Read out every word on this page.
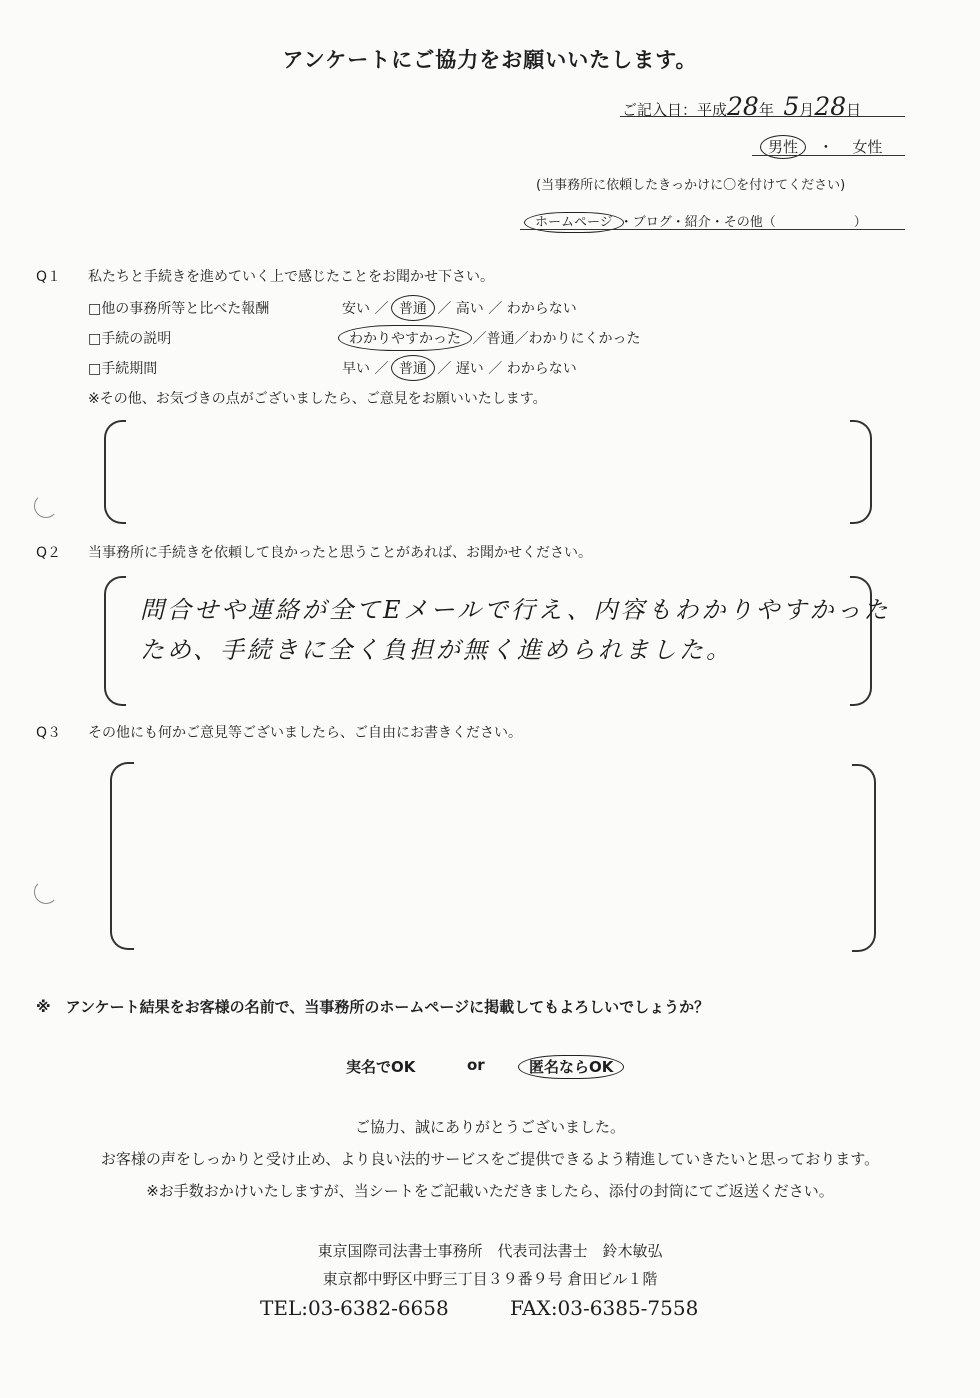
アンケートにご協力をお願いいたします。
ご記入日：平成28年 5月28日
男性 ・ 女性
(当事務所に依頼したきっかけに〇を付けてください)
ホームページ ・ブログ・紹介・その他（　　　　　　）
Q１ 私たちと手続きを進めていく上で感じたことをお聞かせ下さい。
□他の事務所等と比べた報酬	安い ／ 普通 ／ 高い ／ わからない
□手続の説明	わかりやすかった ／普通／わかりにくかった
□手続期間	早い ／ 普通 ／ 遅い ／ わからない
※その他、お気づきの点がございましたら、ご意見をお願いいたします。
Q２ 当事務所に手続きを依頼して良かったと思うことがあれば、お聞かせください。
問合せや連絡が全てEメールで行え、内容もわかりやすかった
ため、手続きに全く負担が無く進められました。
Q３ その他にも何かご意見等ございましたら、ご自由にお書きください。
※　アンケート結果をお客様の名前で、当事務所のホームページに掲載してもよろしいでしょうか？
実名でOK	or	匿名ならOK
ご協力、誠にありがとうございました。
お客様の声をしっかりと受け止め、より良い法的サービスをご提供できるよう精進していきたいと思っております。
※お手数おかけいたしますが、当シートをご記載いただきましたら、添付の封筒にてご返送ください。
東京国際司法書士事務所　代表司法書士　鈴木敏弘
東京都中野区中野三丁目３９番９号 倉田ビル１階
TEL:03-6382-6658	FAX:03-6385-7558
